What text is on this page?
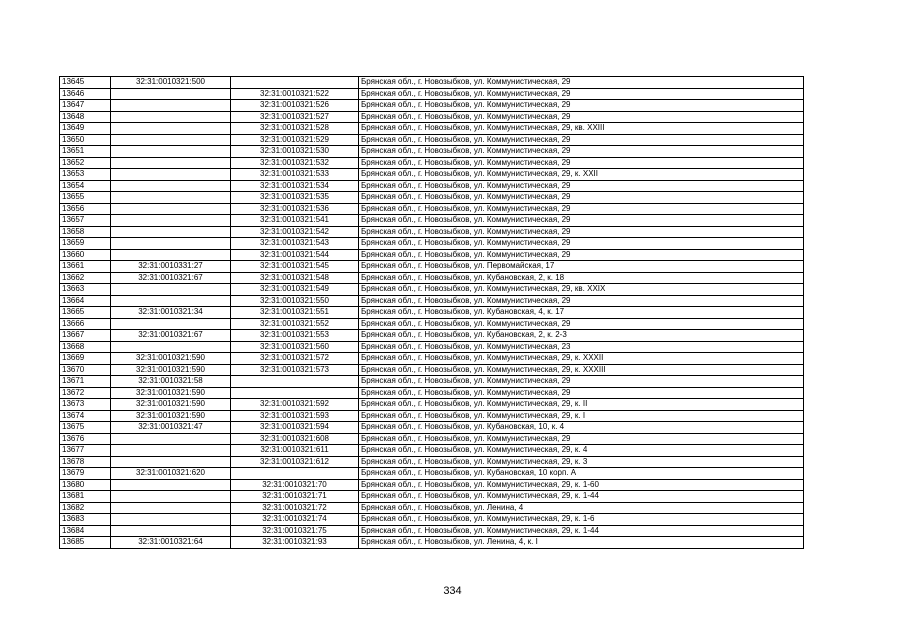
13645	32:31:0010321:500		Брянская обл., г. Новозыбков, ул. Коммунистическая, 29
13646		32:31:0010321:522	Брянская обл., г. Новозыбков, ул. Коммунистическая, 29
13647		32:31:0010321:526	Брянская обл., г. Новозыбков, ул. Коммунистическая, 29
13648		32:31:0010321:527	Брянская обл., г. Новозыбков, ул. Коммунистическая, 29
13649		32:31:0010321:528	Брянская обл., г. Новозыбков, ул. Коммунистическая, 29, кв. XXIII
13650		32:31:0010321:529	Брянская обл., г. Новозыбков, ул. Коммунистическая, 29
13651		32:31:0010321:530	Брянская обл., г. Новозыбков, ул. Коммунистическая, 29
13652		32:31:0010321:532	Брянская обл., г. Новозыбков, ул. Коммунистическая, 29
13653		32:31:0010321:533	Брянская обл., г. Новозыбков, ул. Коммунистическая, 29, к. XXII
13654		32:31:0010321:534	Брянская обл., г. Новозыбков, ул. Коммунистическая, 29
13655		32:31:0010321:535	Брянская обл., г. Новозыбков, ул. Коммунистическая, 29
13656		32:31:0010321:536	Брянская обл., г. Новозыбков, ул. Коммунистическая, 29
13657		32:31:0010321:541	Брянская обл., г. Новозыбков, ул. Коммунистическая, 29
13658		32:31:0010321:542	Брянская обл., г. Новозыбков, ул. Коммунистическая, 29
13659		32:31:0010321:543	Брянская обл., г. Новозыбков, ул. Коммунистическая, 29
13660		32:31:0010321:544	Брянская обл., г. Новозыбков, ул. Коммунистическая, 29
13661	32:31:0010331:27	32:31:0010321:545	Брянская обл., г. Новозыбков, ул. Первомайская, 17
13662	32:31:0010321:67	32:31:0010321:548	Брянская обл., г. Новозыбков, ул. Кубановская, 2, к. 18
13663		32:31:0010321:549	Брянская обл., г. Новозыбков, ул. Коммунистическая, 29, кв. XXIX
13664		32:31:0010321:550	Брянская обл., г. Новозыбков, ул. Коммунистическая, 29
13665	32:31:0010321:34	32:31:0010321:551	Брянская обл., г. Новозыбков, ул. Кубановская, 4, к. 17
13666		32:31:0010321:552	Брянская обл., г. Новозыбков, ул. Коммунистическая, 29
13667	32:31:0010321:67	32:31:0010321:553	Брянская обл., г. Новозыбков, ул. Кубановская, 2, к. 2-3
13668		32:31:0010321:560	Брянская обл., г. Новозыбков, ул. Коммунистическая, 23
13669	32:31:0010321:590	32:31:0010321:572	Брянская обл., г. Новозыбков, ул. Коммунистическая, 29, к. XXXII
13670	32:31:0010321:590	32:31:0010321:573	Брянская обл., г. Новозыбков, ул. Коммунистическая, 29, к. XXXIII
13671	32:31:0010321:58		Брянская обл., г. Новозыбков, ул. Коммунистическая, 29
13672	32:31:0010321:590		Брянская обл., г. Новозыбков, ул. Коммунистическая, 29
13673	32:31:0010321:590	32:31:0010321:592	Брянская обл., г. Новозыбков, ул. Коммунистическая, 29, к. II
13674	32:31:0010321:590	32:31:0010321:593	Брянская обл., г. Новозыбков, ул. Коммунистическая, 29, к. I
13675	32:31:0010321:47	32:31:0010321:594	Брянская обл., г. Новозыбков, ул. Кубановская, 10, к. 4
13676		32:31:0010321:608	Брянская обл., г. Новозыбков, ул. Коммунистическая, 29
13677		32:31:0010321:611	Брянская обл., г. Новозыбков, ул. Коммунистическая, 29, к. 4
13678		32:31:0010321:612	Брянская обл., г. Новозыбков, ул. Коммунистическая, 29, к. 3
13679	32:31:0010321:620		Брянская обл., г. Новозыбков, ул. Кубановская, 10 корп. А
13680		32:31:0010321:70	Брянская обл., г. Новозыбков, ул. Коммунистическая, 29, к. 1-60
13681		32:31:0010321:71	Брянская обл., г. Новозыбков, ул. Коммунистическая, 29, к. 1-44
13682		32:31:0010321:72	Брянская обл., г. Новозыбков, ул. Ленина, 4
13683		32:31:0010321:74	Брянская обл., г. Новозыбков, ул. Коммунистическая, 29, к. 1-6
13684		32:31:0010321:75	Брянская обл., г. Новозыбков, ул. Коммунистическая, 29, к. 1-44
13685	32:31:0010321:64	32:31:0010321:93	Брянская обл., г. Новозыбков, ул. Ленина, 4, к. I
334
